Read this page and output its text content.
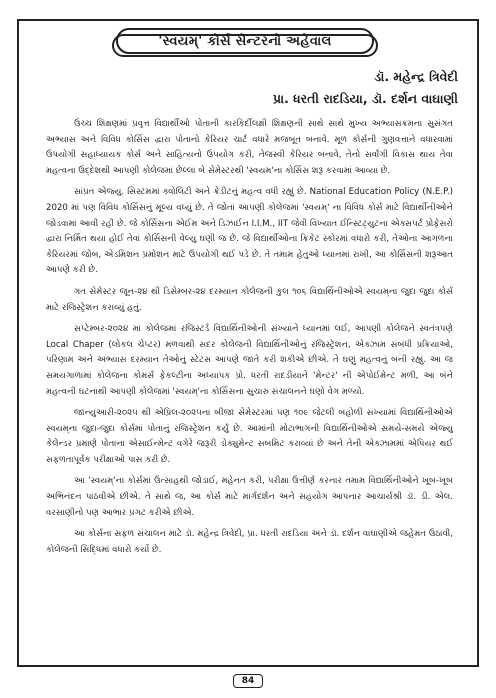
'સ્વયમ્' કોર્સ સેન્ટરનો અહેવાલ
ડૉ. મહેન્દ્ર ત્રિવેદી
પ્રા. ધરતી રાદડિયા, ડૉ. દર્શન વાઘાણી

ઉચ્ચ શિક્ષણમાં પ્રવૃત્ત વિદ્યાર્થીઓ પોતાની કારકિર્દીલક્ષી શિક્ષણની સાથે સાથે મુખ્ય અભ્યાસક્રમના સુસંગત અભ્યાસ અને વિવિધ કોર્સિસ દ્વારા પોતાનો કેરિયર ચાર્ટ વધારે મજબૂત બનાવે. મૂળ કોર્સની ગુણવત્તાને વધારવામાં ઉપયોગી સહાધ્યાયક કોર્સ અને સાહિત્યનો ઉપયોગ કરી, તેજસ્વી કેરિયર બનાવે, તેનો સર્વાંગી વિકાસ થાય તેવા મહત્વના ઉદ્દેશથી આપણી કોલેજમાં છેલ્લાં બે સેમેસ્ટરથી 'સ્વયમ'ના કોર્સિસ શરૂ કરવામાં આવ્યા છે.

સાંપ્રત એજ્યુ. સિસ્ટમમાં ક્વોલિટી અને ક્રેડીટનું મહત્વ વધી રહ્યું છે. National Education Policy (N.E.P.) 2020 માં પણ વિવિધ કોર્સિસનું મૂલ્ય વધ્યું છે. તે જોતાં આપણી કોલેજમાં 'સ્વયમ્' ના વિવિધ કોર્સ માટે વિદ્યાર્થીનીઓને જોડવામાં આવી રહી છે. જે કોર્સિસના એઈમ અને ડિઝાઈન I.I.M., IIT જેવી વિખ્યાત ઈન્સ્ટિટ્યુટના એક્સપર્ટ પ્રોફેસરો દ્વારા નિર્મિત થયા હોઈ તેવાં કોર્સિસની વેલ્યુ ઘણી જ છે. જે વિદ્યાર્થીઓના ક્રિકેટ સ્કોરમાં વધારો કરી, તેઓના આગળના કેરિયરમાં જોબ, એડમિશન પ્રમોશન માટે ઉપયોગી થઈ પડે છે. તે તમામ હેતુઓ ધ્યાનમાં રાખી, આ કોર્સિસની શરૂઆત આપણે કરી છે.

ગત સેમેસ્ટર જૂન-૨૪ થી ડિસેમ્બર-૨૪ દરમ્યાન કોલેજની કુલ ૧૦૬ વિદ્યાર્થિનીઓએ સ્વયમ્‌ના જુદા જુદા કોર્સ માટે રજિસ્ટ્રેશન કરાવ્યું હતું.

સપ્ટેમ્બર-૨૦૨૪ માં કોલેજમાં રજિસ્ટર્ડ વિદ્યાર્થિનીઓની સંખ્યાને ધ્યાનમાં લઈ, આપણી કોલેજને સ્વતંત્રપણે Local Chaper (લોકલ ચેપ્ટર) મળવાથી સદર કોલેજની વિદ્યાર્થિનીઓનું રજિસ્ટ્રેશન, એક્ઝામ સંબંધી પ્રક્રિયાઓ, પરિણામ અને અભ્યાસ દરમ્યાન તેઓનું સ્ટેટસ આપણે જાતે કરી શકીએ છીએ. તે ઘણું મહત્વનું બની રહ્યું. આ જ સમયગાળામાં કોલેજના કોમર્સ ફેકલ્ટીના અધ્યાપક પ્રો. ધરતી રાદડીયાને 'મેન્ટર' ની એપોઈમેન્ટ મળી, આ બંને મહત્વની ઘટનાથી આપણી કોલેજમાં 'સ્વયમ્'ના કોર્સિસના સુચારુ સંચાલનને ઘણો વેગ મળ્યો.

જાન્યુઆરી-૨૦૨૫ થી એપ્રિલ-૨૦૨૫ના બીજા સેમેસ્ટરમાં પણ ૧૦૯ જેટલી બહોળી સંખ્યામાં વિદ્યાર્થિનીઓએ સ્વયમ્‌ના જુદા-જુદા કોર્સમાં પોતાનું રજિસ્ટ્રેશન કર્યું છે. આમાંની મોટાભાગની વિદ્યાર્થિનીઓએ સમયે-સમયે એજ્યુ કેલેન્ડર પ્રમાણે પોતાના એસાઈન્મેન્ટ વગેરે જરૂરી ડોક્યુમેન્ટ સબમિટ કરાવ્યાં છે અને તેની એક્ઝામમાં એપિયર થઈ સફળતાપૂર્વક પરીક્ષાઓ પાસ કરી છે.

આ 'સ્વયમ્'ના કોર્સમાં ઉત્સાહથી જોડાઈ, મહેનત કરી, પરીક્ષા ઉત્તીર્ણ કરનાર તમામ વિદ્યાર્થિનીઓને ખૂબ-ખૂબ અભિનંદન પાઠવીએ છીએ. તે સાથે જ, આ કોર્સ માટે માર્ગદર્શન અને સહયોગ આપનાર આચાર્યશ્રી ડૉ. ડી. એલ. વરસાણીનો પણ આભાર પ્રગટ કરીએ છીએ.

આ કોર્સના સફળ સંચાલન માટે ડૉ. મહેન્દ્ર ત્રિવેદી, પ્રા. ધરતી રાદડિયા અને ડૉ. દર્શન વાઘાણીએ જહેમત ઉઠાવી, કોલેજની સિદ્ધિમાં વધારો કર્યો છે.

84
